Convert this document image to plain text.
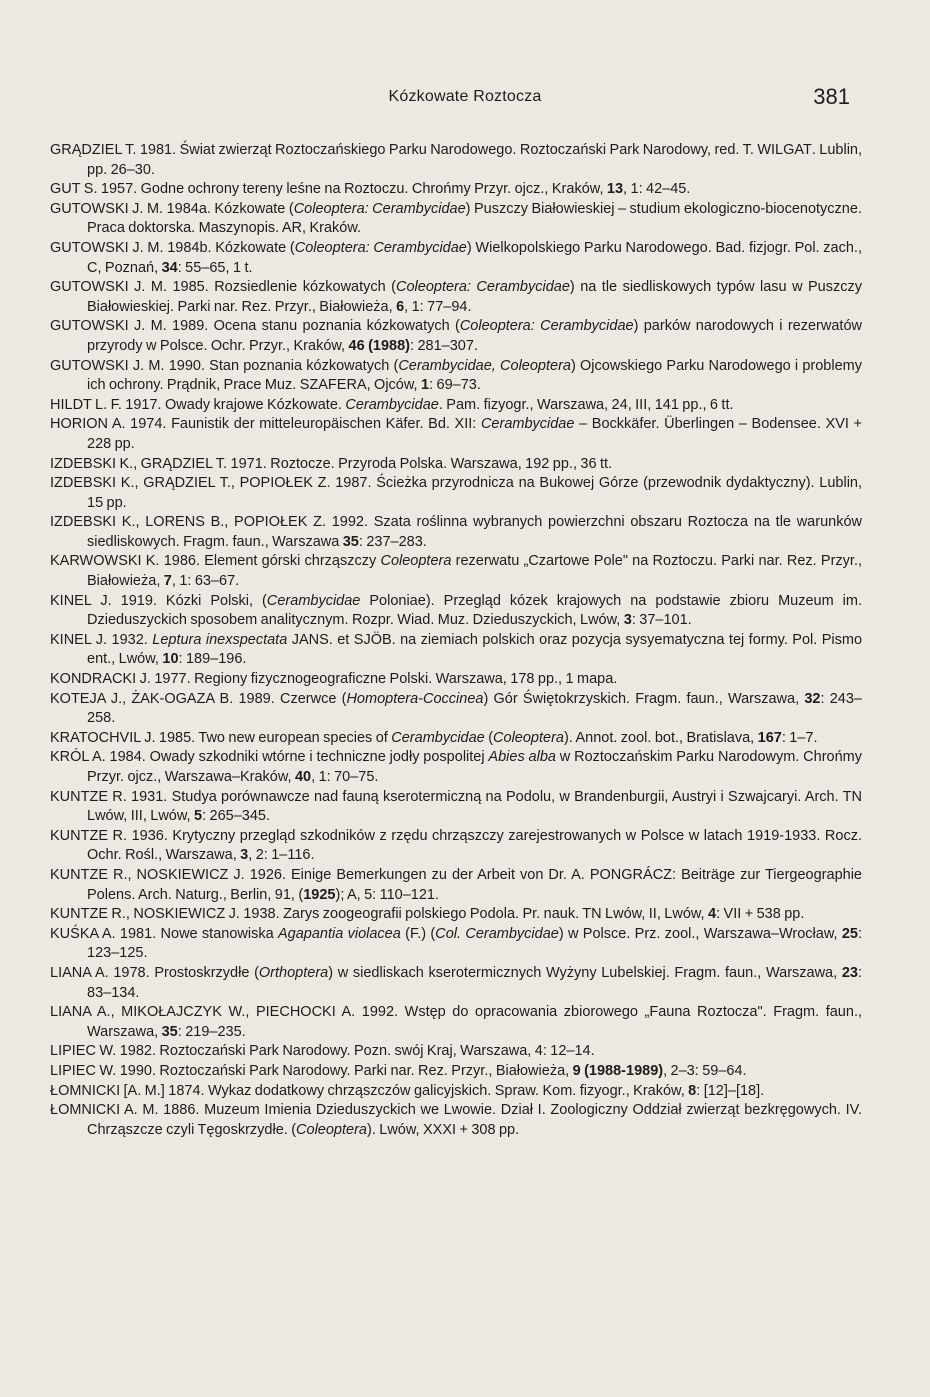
Kózkowate Roztocza	381

GRĄDZIEL T. 1981. Świat zwierząt Roztoczańskiego Parku Narodowego. Roztoczański Park Narodowy, red. T. WILGAT. Lublin, pp. 26–30.

GUT S. 1957. Godne ochrony tereny leśne na Roztoczu. Chrońmy Przyr. ojcz., Kraków, 13, 1: 42–45.

GUTOWSKI J. M. 1984a. Kózkowate (Coleoptera: Cerambycidae) Puszczy Białowieskiej – studium ekologiczno-biocenotyczne. Praca doktorska. Maszynopis. AR, Kraków.

GUTOWSKI J. M. 1984b. Kózkowate (Coleoptera: Cerambycidae) Wielkopolskiego Parku Narodowego. Bad. fizjogr. Pol. zach., C, Poznań, 34: 55–65, 1 t.

GUTOWSKI J. M. 1985. Rozsiedlenie kózkowatych (Coleoptera: Cerambycidae) na tle siedliskowych typów lasu w Puszczy Białowieskiej. Parki nar. Rez. Przyr., Białowieża, 6, 1: 77–94.

GUTOWSKI J. M. 1989. Ocena stanu poznania kózkowatych (Coleoptera: Cerambycidae) parków narodowych i rezerwatów przyrody w Polsce. Ochr. Przyr., Kraków, 46 (1988): 281–307.

GUTOWSKI J. M. 1990. Stan poznania kózkowatych (Cerambycidae, Coleoptera) Ojcowskiego Parku Narodowego i problemy ich ochrony. Prądnik, Prace Muz. SZAFERA, Ojców, 1: 69–73.

HILDT L. F. 1917. Owady krajowe Kózkowate. Cerambycidae. Pam. fizyogr., Warszawa, 24, III, 141 pp., 6 tt.

HORION A. 1974. Faunistik der mitteleuropäischen Käfer. Bd. XII: Cerambycidae – Bockkäfer. Überlingen – Bodensee. XVI + 228 pp.

IZDEBSKI K., GRĄDZIEL T. 1971. Roztocze. Przyroda Polska. Warszawa, 192 pp., 36 tt.

IZDEBSKI K., GRĄDZIEL T., POPIOŁEK Z. 1987. Ścieżka przyrodnicza na Bukowej Górze (przewodnik dydaktyczny). Lublin, 15 pp.

IZDEBSKI K., LORENS B., POPIOŁEK Z. 1992. Szata roślinna wybranych powierzchni obszaru Roztocza na tle warunków siedliskowych. Fragm. faun., Warszawa 35: 237–283.

KARWOWSKI K. 1986. Element górski chrząszczy Coleoptera rezerwatu „Czartowe Pole" na Roztoczu. Parki nar. Rez. Przyr., Białowieża, 7, 1: 63–67.

KINEL J. 1919. Kózki Polski, (Cerambycidae Poloniae). Przegląd kózek krajowych na podstawie zbioru Muzeum im. Dzieduszyckich sposobem analitycznym. Rozpr. Wiad. Muz. Dzieduszyckich, Lwów, 3: 37–101.

KINEL J. 1932. Leptura inexspectata JANS. et SJÖB. na ziemiach polskich oraz pozycja sysyematyczna tej formy. Pol. Pismo ent., Lwów, 10: 189–196.

KONDRACKI J. 1977. Regiony fizycznogeograficzne Polski. Warszawa, 178 pp., 1 mapa.

KOTEJA J., ŻAK-OGAZA B. 1989. Czerwce (Homoptera-Coccinea) Gór Świętokrzyskich. Fragm. faun., Warszawa, 32: 243–258.

KRATOCHVIL J. 1985. Two new european species of Cerambycidae (Coleoptera). Annot. zool. bot., Bratislava, 167: 1–7.

KRÓL A. 1984. Owady szkodniki wtórne i techniczne jodły pospolitej Abies alba w Roztoczańskim Parku Narodowym. Chrońmy Przyr. ojcz., Warszawa–Kraków, 40, 1: 70–75.

KUNTZE R. 1931. Studya porównawcze nad fauną kserotermiczną na Podolu, w Brandenburgii, Austryi i Szwajcaryi. Arch. TN Lwów, III, Lwów, 5: 265–345.

KUNTZE R. 1936. Krytyczny przegląd szkodników z rzędu chrząszczy zarejestrowanych w Polsce w latach 1919-1933. Rocz. Ochr. Rośl., Warszawa, 3, 2: 1–116.

KUNTZE R., NOSKIEWICZ J. 1926. Einige Bemerkungen zu der Arbeit von Dr. A. PONGRÁCZ: Beiträge zur Tiergeographie Polens. Arch. Naturg., Berlin, 91, (1925); A, 5: 110–121.

KUNTZE R., NOSKIEWICZ J. 1938. Zarys zoogeografii polskiego Podola. Pr. nauk. TN Lwów, II, Lwów, 4: VII + 538 pp.

KUŚKA A. 1981. Nowe stanowiska Agapantia violacea (F.) (Col. Cerambycidae) w Polsce. Prz. zool., Warszawa–Wrocław, 25: 123–125.

LIANA A. 1978. Prostoskrzydłe (Orthoptera) w siedliskach kserotermicznych Wyżyny Lubelskiej. Fragm. faun., Warszawa, 23: 83–134.

LIANA A., MIKOŁAJCZYK W., PIECHOCKI A. 1992. Wstęp do opracowania zbiorowego „Fauna Roztocza". Fragm. faun., Warszawa, 35: 219–235.

LIPIEC W. 1982. Roztoczański Park Narodowy. Pozn. swój Kraj, Warszawa, 4: 12–14.

LIPIEC W. 1990. Roztoczański Park Narodowy. Parki nar. Rez. Przyr., Białowieża, 9 (1988-1989), 2–3: 59–64.

ŁOMNICKI [A. M.] 1874. Wykaz dodatkowy chrząszczów galicyjskich. Spraw. Kom. fizyogr., Kraków, 8: [12]–[18].

ŁOMNICKI A. M. 1886. Muzeum Imienia Dzieduszyckich we Lwowie. Dział I. Zoologiczny Oddział zwierząt bezkręgowych. IV. Chrząszcze czyli Tęgoskrzydłe. (Coleoptera). Lwów, XXXI + 308 pp.
